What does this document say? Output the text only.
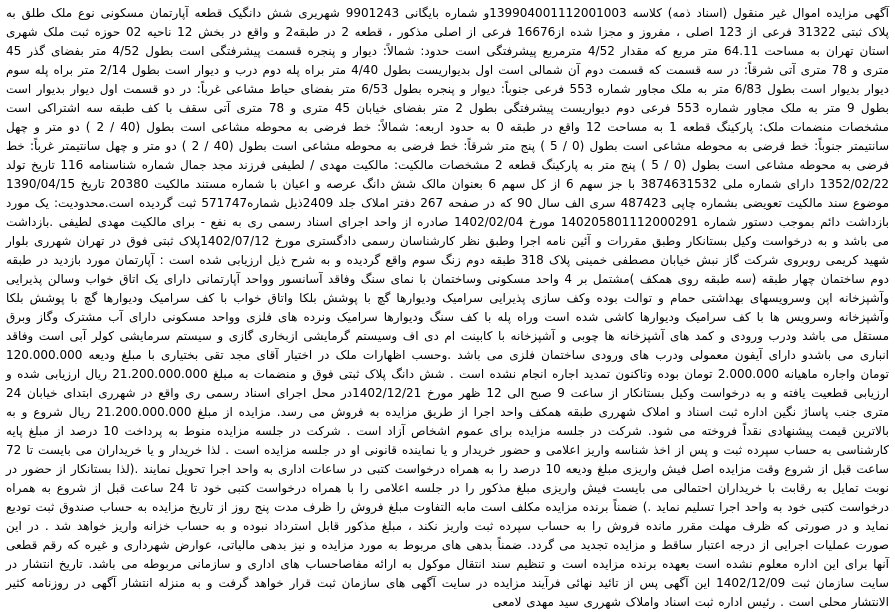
آگهی مزایده اموال غیر منقول (اسناد ذمه) کلاسه 139904001112001003و شماره بایگانی 9901243 شهریری شش دانگیک قطعه آپارتمان مسکونی نوع ملک طلق به پلاک ثبتی 31322 فرعی از 123 اصلی ، مفروز و مجزا شده از16676 فرعی از اصلی مذکور ، قطعه 2 در طبقه2 و واقع در بخش 12 ناحیه 02 حوزه ثبت ملک شهری استان تهران به مساحت 64.11 متر مربع که مقدار 4/52 مترمربع پیشرفتگی است حدود: شمالاً: دیوار و پنجره قسمت پیشرفتگی است بطول 4/52 متر بفضای گذر 45 متری و 78 متری آتی شرقاً: در سه قسمت که قسمت دوم آن شمالی است اول بدیواریست بطول 4/40 متر براه پله دوم درب و دیوار است بطول 2/14 متر براه پله سوم دیوار بدیوار است بطول 6/83 متر به ملک مجاور شماره 553 فرعی جنوباً: دیوار و پنجره بطول 6/53 متر بفضای حیاط مشاعی غرباً: در دو قسمت اول دیوار بدیوار است بطول 9 متر به ملک مجاور شماره 553 فرعی دوم دیواریست پیشرفتگی بطول 2 متر بفضای خیابان 45 متری و 78 متری آتی سقف با کف طبقه سه اشتراکی است مشخصات منضمات ملک: پارکینگ قطعه 1 به مساحت 12 واقع در طبقه 0 به حدود اربعه: شمالاً: خط فرضی به محوطه مشاعی است بطول (40 / 2 ) دو متر و چهل سانتیمتر جنوباً: خط فرضی به محوطه مشاعی است بطول (0 / 5 ) پنج متر شرقاً: خط فرضی به محوطه مشاعی است بطول (40 / 2 ) دو متر و چهل سانتیمتر غرباً: خط فرضی به محوطه مشاعی است بطول (0 / 5 ) پنج متر به پارکینگ قطعه 2 مشخصات مالکیت: مالکیت مهدی / لطیفی فرزند مجد جمال شماره شناسنامه 116 تاریخ تولد 1352/02/22 دارای شماره ملی 3874631532 با جز سهم 6 از کل سهم 6 بعنوان مالک شش دانگ عرصه و اعیان با شماره مستند مالکیت 20380 تاریخ 1390/04/15 موضوع سند مالکیت تعویضی بشماره چاپی 487423 سری الف سال 90 که در صفحه 267 دفتر املاک جلد 2409ذیل شماره571747 ثبت گردیده است.محدودیت: یک مورد بازداشت دائم بموجب دستور شماره 140205801112000291 مورخ 1402/02/04 صادره از واحد اجرای اسناد رسمی ری به نفع - برای مالکیت مهدی لطیفی .بازداشت می باشد و به درخواست وکیل بستانکار وطبق مقررات و آئین نامه اجرا وطبق نظر کارشناسان رسمی دادگستری مورخ 1402/07/12پلاک ثبتی فوق در تهران شهرری بلوار شهید کریمی روبروی شرکت گاز نبش خیابان مصطفی خمینی پلاک 318 طبقه دوم زنگ سوم واقع گردیده و به شرح ذیل ارزیابی شده است : آپارتمان مورد بازدید در طبقه دوم ساختمان چهار طبقه (سه طبقه روی همکف )مشتمل بر 4 واحد مسکونی وساختمان با نمای سنگ وفاقد آسانسور وواحد آپارتمانی دارای یک اتاق خواب وسالن پذیرایی وآشپزخانه اپن وسرویسهای بهداشتی حمام و توالت بوده وکف سازی پذیرایی سرامیک ودیوارها گچ با پوشش بلکا واتاق خواب با کف سرامیک ودیوارها گچ با پوشش بلکا وآشپزخانه وسرویس ها با کف سرامیک ودیوارها کاشی شده است وراه پله با کف سنگ ودیوارها سرامیک ونرده های فلزی وواحد مسکونی دارای آب مشترک وگاز وبرق مستقل می باشد ودرب ورودی و کمد های آشپزخانه ها چوبی و آشپزخانه با کابینت ام دی اف وسیستم گرمایشی ازبخاری گازی و سیستم سرمایشی کولر آبی است وفاقد انباری می باشدو دارای آیفون معمولی ودرب های ورودی ساختمان فلزی می باشد .وحسب اظهارات ملک در اختیار آقای مجد تقی بختیاری با مبلغ ودیعه 120.000.000 تومان واجاره ماهیانه 2.000.000 تومان بوده وتاکنون تمدید اجاره انجام نشده است . شش دانگ پلاک ثبتی فوق و منضمات به مبلغ 21.200.000.000 ریال ارزیابی شده و ارزیابی قطعیت یافته و به درخواست وکیل بستانکار از ساعت 9 صبح الی 12 ظهر مورخ 1402/12/21در محل اجرای اسناد رسمی ری واقع در شهرری ابتدای خیابان 24 متری جنب پاساژ نگین اداره ثبت اسناد و املاک شهرری طبقه همکف واحد اجرا از طریق مزایده به فروش می رسد. مزایده از مبلغ 21.200.000.000 ریال شروع و به بالاترین قیمت پیشنهادی نقداً فروخته می شود. شرکت در جلسه مزایده برای عموم اشخاص آزاد است . شرکت در جلسه مزایده منوط به پرداخت 10 درصد از مبلغ پایه کارشناسی به حساب سپرده ثبت و پس از اخذ شناسه واریز اعلامی و حضور خریدار و یا نماینده قانونی او در جلسه مزایده است . لذا خریدار و یا خریداران می بایست تا 72 ساعت قبل از شروع وقت مزایده اصل فیش واریزی مبلغ ودیعه 10 درصد را به همراه درخواست کتبی در ساعات اداری به واحد اجرا تحویل نمایند .(لذا بستانکار از حضور در نوبت تمایل به رقابت با خریداران احتمالی می بایست فیش واریزی مبلغ مذکور را در جلسه اعلامی را با همراه درخواست کتبی خود تا 24 ساعت قبل از شروع به همراه درخواست کتبی خود به واحد اجرا تسلیم نماید .) ضمناً برنده مزایده مکلف است مابه التفاوت مبلغ فروش را ظرف مدت پنج روز از تاریخ مزایده به حساب صندوق ثبت تودیع نماید و در صورتی که ظرف مهلت مقرر مانده فروش را به حساب سپرده ثبت واریز نکند ، مبلغ مذکور قابل استرداد نبوده و به حساب خزانه واریز خواهد شد . در این صورت عملیات اجرایی از درجه اعتبار ساقط و مزایده تجدید می گردد. ضمناً بدهی های مربوط به مورد مزایده و نیز بدهی مالیاتی، عوارض شهرداری و غیره که رقم قطعی آنها برای این اداره معلوم نشده است بعهده برنده مزایده است و تنظیم سند انتقال موکول به ارائه مفاصاحساب های اداری و سازمانی مربوطه می باشد. تاریخ انتشار در سایت سازمان ثبت 1402/12/09 این آگهی پس از تائید نهائی فرآیند مزایده در سایت آگهی های سازمان ثبت قرار خواهد گرفت و به منزله انتشار آگهی در روزنامه کثیر الانتشار محلی است . رئیس اداره ثبت اسناد واملاک شهرری سید مهدی لامعی
